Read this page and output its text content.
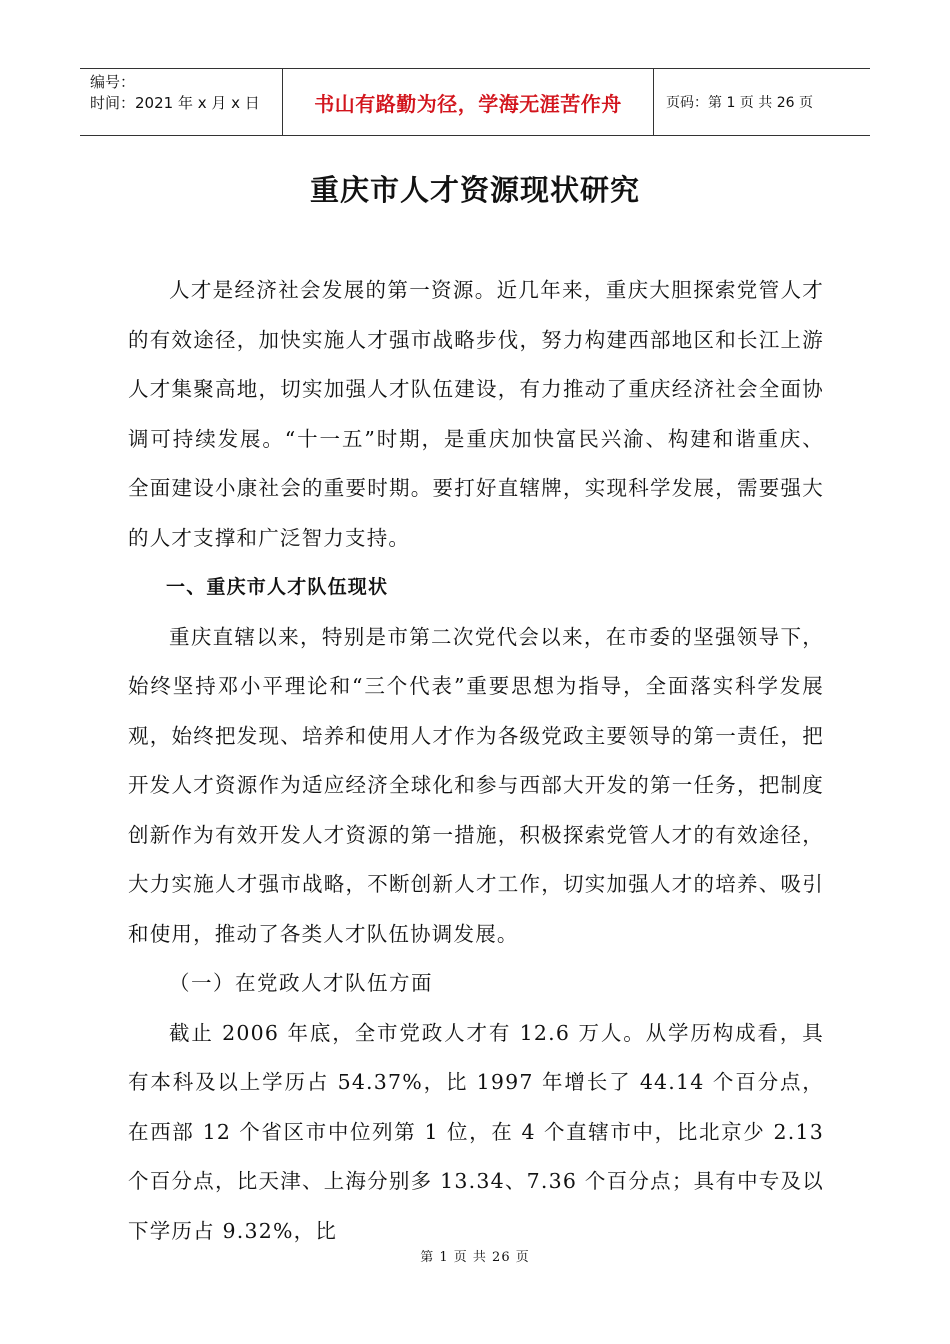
编号：
时间：2021 年 x 月 x 日	书山有路勤为径，学海无涯苦作舟	页码：第 1 页 共 26 页
重庆市人才资源现状研究

人才是经济社会发展的第一资源。近几年来，重庆大胆探索党管人才的有效途径，加快实施人才强市战略步伐，努力构建西部地区和长江上游人才集聚高地，切实加强人才队伍建设，有力推动了重庆经济社会全面协调可持续发展。“十一五”时期，是重庆加快富民兴渝、构建和谐重庆、全面建设小康社会的重要时期。要打好直辖牌，实现科学发展，需要强大的人才支撑和广泛智力支持。

一、重庆市人才队伍现状

重庆直辖以来，特别是市第二次党代会以来，在市委的坚强领导下，始终坚持邓小平理论和“三个代表”重要思想为指导，全面落实科学发展观，始终把发现、培养和使用人才作为各级党政主要领导的第一责任，把开发人才资源作为适应经济全球化和参与西部大开发的第一任务，把制度创新作为有效开发人才资源的第一措施，积极探索党管人才的有效途径，大力实施人才强市战略，不断创新人才工作，切实加强人才的培养、吸引和使用，推动了各类人才队伍协调发展。

（一）在党政人才队伍方面

截止 2006 年底，全市党政人才有 12.6 万人。从学历构成看，具有本科及以上学历占 54.37%，比 1997 年增长了 44.14 个百分点，在西部 12 个省区市中位列第 1 位，在 4 个直辖市中，比北京少 2.13 个百分点，比天津、上海分别多 13.34、7.36 个百分点；具有中专及以下学历占 9.32%，比

第 1 页 共 26 页
